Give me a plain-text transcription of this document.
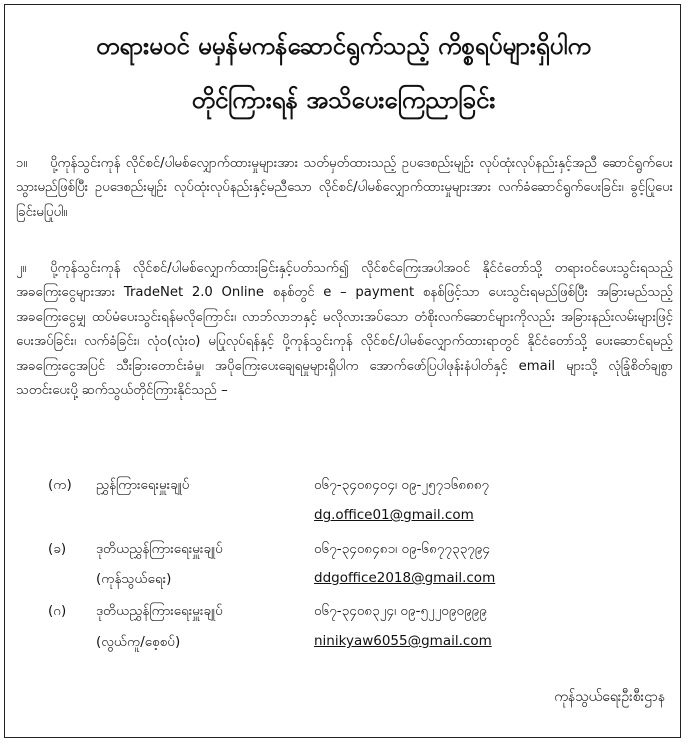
တရားမဝင် မမှန်မကန်ဆောင်ရွက်သည့် ကိစ္စရပ်များရှိပါက
တိုင်ကြားရန် အသိပေးကြေညာခြင်း
၁။ ပို့ကုန်သွင်းကုန် လိုင်စင်/ပါမစ်လျှောက်ထားမှုများအား သတ်မှတ်ထားသည့် ဥပဒေစည်းမျဉ်း လုပ်ထုံးလုပ်နည်းနှင့်အညီ ဆောင်ရွက်ပေးသွားမည်ဖြစ်ပြီး ဥပဒေစည်းမျဉ်း လုပ်ထုံးလုပ်နည်းနှင့်မညီသော လိုင်စင်/ပါမစ်လျှောက်ထားမှုများအား လက်ခံဆောင်ရွက်ပေးခြင်း၊ ခွင့်ပြုပေးခြင်းမပြုပါ။
၂။ ပို့ကုန်သွင်းကုန် လိုင်စင်/ပါမစ်လျှောက်ထားခြင်းနှင့်ပတ်သက်၍ လိုင်စင်ကြေးအပါအဝင် နိုင်ငံတော်သို့ တရားဝင်ပေးသွင်းရသည့် အခကြေးငွေများအား TradeNet 2.0 Online စနစ်တွင် e – payment စနစ်ဖြင့်သာ ပေးသွင်းရမည်ဖြစ်ပြီး အခြားမည်သည့်အခကြေးငွေမျှ ထပ်မံပေးသွင်းရန်မလိုကြောင်း၊ လာဘ်လာဘနှင့် မလိုလားအပ်သော တံစိုးလက်ဆောင်များကိုလည်း အခြားနည်းလမ်းများဖြင့် ပေးအပ်ခြင်း၊ လက်ခံခြင်း၊ လုံ၀(လုံး၀) မပြုလုပ်ရန်နှင့် ပို့ကုန်သွင်းကုန် လိုင်စင်/ပါမစ်လျှောက်ထားရာတွင် နိုင်ငံတော်သို့ ပေးဆောင်ရမည့် အခကြေးငွေအပြင် သီးခြားတောင်းခံမှု၊ အပိုကြေးပေးချေရမှုများရှိပါက အောက်ဖော်ပြပါဖုန်းနံပါတ်နှင့် email များသို့ လုံခြုံစိတ်ချစွာ သတင်းပေးပို့ ဆက်သွယ်တိုင်ကြားနိုင်သည် –
(က) ညွှန်ကြားရေးမှူးချုပ်	၀၆၇-၃၄၀၈၄၀၄၊ ၀၉-၂၅၇၁၆၈၈၈၇
dg.office01@gmail.com
(ခ) ဒုတိယညွှန်ကြားရေးမှူးချုပ်
(ကုန်သွယ်ရေး)
၀၆၇-၃၄၀၈၄၈၁၊ ၀၉-၆၈၇၇၃၃၇၉၄
ddgoffice2018@gmail.com
(ဂ) ဒုတိယညွှန်ကြားရေးမှူးချုပ်
(လွယ်ကူ/စေ့စပ်)
၀၆၇-၃၄၀၈၃၂၄၊ ၀၉-၅၂၂၀၉၀၉၉၉
ninikyaw6055@gmail.com
ကုန်သွယ်ရေးဦးစီးဌာန
